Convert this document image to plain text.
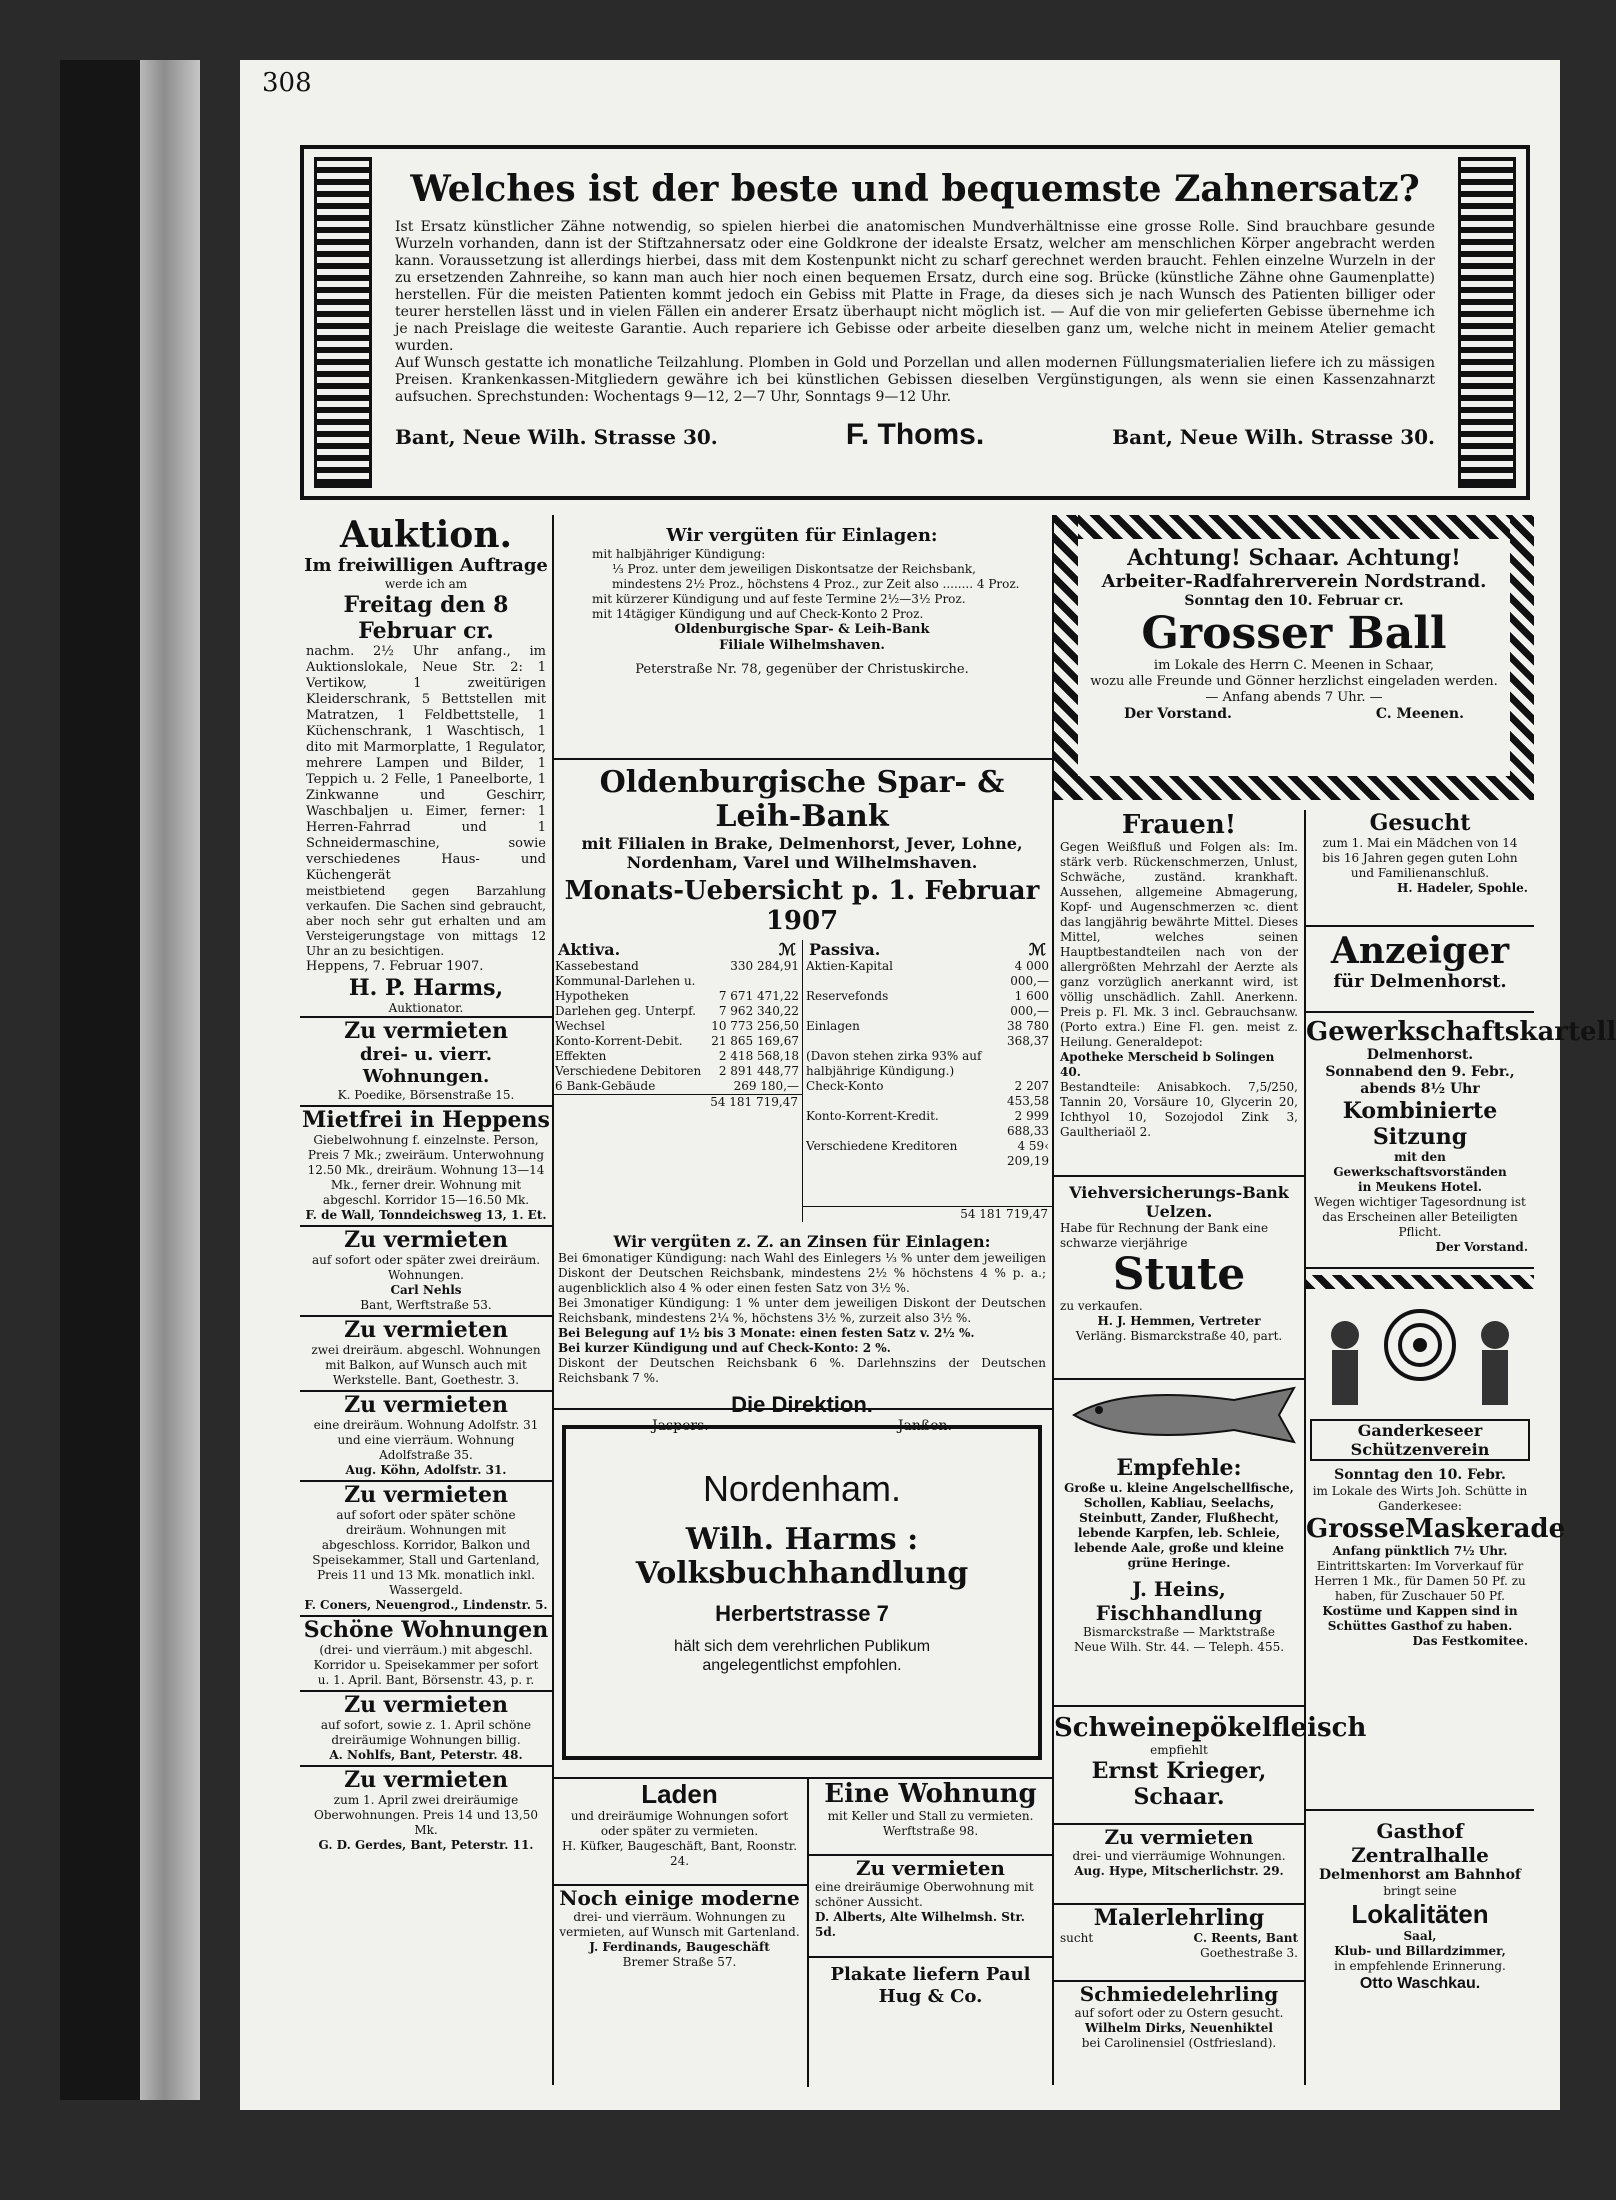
308
Welches ist der beste und bequemste Zahnersatz?

Ist Ersatz künstlicher Zähne notwendig, so spielen hierbei die anatomischen Mundverhältnisse eine grosse Rolle. Sind brauchbare gesunde Wurzeln vorhanden, dann ist der Stiftzahnersatz oder eine Goldkrone der idealste Ersatz, welcher am menschlichen Körper angebracht werden kann. Voraussetzung ist allerdings hierbei, dass mit dem Kostenpunkt nicht zu scharf gerechnet werden braucht. Fehlen einzelne Wurzeln in der zu ersetzenden Zahnreihe, so kann man auch hier noch einen bequemen Ersatz, durch eine sog. Brücke (künstliche Zähne ohne Gaumenplatte) herstellen. Für die meisten Patienten kommt jedoch ein Gebiss mit Platte in Frage, da dieses sich je nach Wunsch des Patienten billiger oder teurer herstellen lässt und in vielen Fällen ein anderer Ersatz überhaupt nicht möglich ist. — Auf die von mir gelieferten Gebisse übernehme ich je nach Preislage die weiteste Garantie. Auch repariere ich Gebisse oder arbeite dieselben ganz um, welche nicht in meinem Atelier gemacht wurden.

Auf Wunsch gestatte ich monatliche Teilzahlung. Plomben in Gold und Porzellan und allen modernen Füllungsmaterialien liefere ich zu mässigen Preisen. Krankenkassen-Mitgliedern gewähre ich bei künstlichen Gebissen dieselben Vergünstigungen, als wenn sie einen Kassenzahnarzt aufsuchen. Sprechstunden: Wochentags 9—12, 2—7 Uhr, Sonntags 9—12 Uhr.

Bant, Neue Wilh. Strasse 30.	F. Thoms.	Bant, Neue Wilh. Strasse 30.
Auktion.
Im freiwilligen Auftrage
werde ich am
Freitag den 8 Februar cr.

nachm. 2½ Uhr anfang., im Auktionslokale, Neue Str. 2: 1 Vertikow, 1 zweitürigen Kleiderschrank, 5 Bettstellen mit Matratzen, 1 Feldbettstelle, 1 Küchenschrank, 1 Waschtisch, 1 dito mit Marmorplatte, 1 Regulator, mehrere Lampen und Bilder, 1 Teppich u. 2 Felle, 1 Paneelborte, 1 Zinkwanne und Geschirr, Waschbaljen u. Eimer, ferner: 1 Herren-Fahrrad und 1 Schneidermaschine, sowie verschiedenes Haus- und Küchengerät

meistbietend gegen Barzahlung verkaufen. Die Sachen sind gebraucht, aber noch sehr gut erhalten und am Versteigerungstage von mittags 12 Uhr an zu besichtigen.

Heppens, 7. Februar 1907.
H. P. Harms,
Auktionator.
Zu vermieten
drei- u. vierr. Wohnungen.
K. Poedike, Börsenstraße 15.
Mietfrei in Heppens
Giebelwohnung f. einzelnste. Person, Preis 7 Mk.; zweiräum. Unterwohnung 12.50 Mk., dreiräum. Wohnung 13—14 Mk., ferner dreir. Wohnung mit abgeschl. Korridor 15—16.50 Mk.
F. de Wall, Tonndeichsweg 13, 1. Et.
Zu vermieten
auf sofort oder später zwei dreiräum. Wohnungen.
Carl Nehls
Bant, Werftstraße 53.
Zu vermieten
zwei dreiräum. abgeschl. Wohnungen mit Balkon, auf Wunsch auch mit Werkstelle. Bant, Goethestr. 3.
Zu vermieten
eine dreiräum. Wohnung Adolfstr. 31 und eine vierräum. Wohnung Adolfstraße 35.
Aug. Köhn, Adolfstr. 31.
Zu vermieten
auf sofort oder später schöne dreiräum. Wohnungen mit abgeschloss. Korridor, Balkon und Speisekammer, Stall und Gartenland, Preis 11 und 13 Mk. monatlich inkl. Wassergeld.
F. Coners, Neuengrod., Lindenstr. 5.
Schöne Wohnungen
(drei- und vierräum.) mit abgeschl. Korridor u. Speisekammer per sofort u. 1. April. Bant, Börsenstr. 43, p. r.
Zu vermieten
auf sofort, sowie z. 1. April schöne dreiräumige Wohnungen billig.
A. Nohlfs, Bant, Peterstr. 48.
Zu vermieten
zum 1. April zwei dreiräumige Oberwohnungen. Preis 14 und 13,50 Mk.
G. D. Gerdes, Bant, Peterstr. 11.
Wir vergüten für Einlagen:

mit halbjähriger Kündigung:

⅓ Proz. unter dem jeweiligen Diskontsatze der Reichsbank, mindestens 2½ Proz., höchstens 4 Proz., zur Zeit also ........ 4 Proz.

mit kürzerer Kündigung und auf feste Termine 2½—3½ Proz.

mit 14tägiger Kündigung und auf Check-Konto 2 Proz.

Oldenburgische Spar- & Leih-Bank
Filiale Wilhelmshaven.
Peterstraße Nr. 78, gegenüber der Christuskirche.
Oldenburgische Spar- & Leih-Bank
mit Filialen in Brake, Delmenhorst, Jever, Lohne, Nordenham, Varel und Wilhelmshaven.
Monats-Uebersicht p. 1. Februar 1907
Aktiva.	ℳ
Kassebestand	330 284,91
Kommunal-Darlehen u.	
Hypotheken	7 671 471,22
Darlehen geg. Unterpf.	7 962 340,22
Wechsel	10 773 256,50
Konto-Korrent-Debit.	21 865 169,67
Effekten	2 418 568,18
Verschiedene Debitoren	2 891 448,77
6 Bank-Gebäude	269 180,—
54 181 719,47
Passiva.	ℳ
Aktien-Kapital	4 000 000,—
Reservefonds	1 600 000,—
Einlagen	38 780 368,37
(Davon stehen zirka 93% auf halbjährige Kündigung.)	
Check-Konto	2 207 453,58
Konto-Korrent-Kredit.	2 999 688,33
Verschiedene Kreditoren	4 59‹ 209,19
54 181 719,47
Wir vergüten z. Z. an Zinsen für Einlagen:

Bei 6monatiger Kündigung: nach Wahl des Einlegers ⅓ % unter dem jeweiligen Diskont der Deutschen Reichsbank, mindestens 2½ % höchstens 4 % p. a.; augenblicklich also 4 % oder einen festen Satz von 3½ %.

Bei 3monatiger Kündigung: 1 % unter dem jeweiligen Diskont der Deutschen Reichsbank, mindestens 2¼ %, höchstens 3½ %, zurzeit also 3½ %.

Bei Belegung auf 1½ bis 3 Monate: einen festen Satz v. 2½ %.

Bei kurzer Kündigung und auf Check-Konto: 2 %.

Diskont der Deutschen Reichsbank 6 %. Darlehnszins der Deutschen Reichsbank 7 %.

Die Direktion.
Jaspers.	Janßen.
Nordenham.
Wilh. Harms : Volksbuchhandlung
Herbertstrasse 7
hält sich dem verehrlichen Publikum
angelegentlichst empfohlen.
Laden

und dreiräumige Wohnungen sofort oder später zu vermieten.

H. Küfker, Baugeschäft, Bant, Roonstr. 24.

Noch einige moderne

drei- und vierräum. Wohnungen zu vermieten, auf Wunsch mit Gartenland.

J. Ferdinands, Baugeschäft
Bremer Straße 57.
Eine Wohnung

mit Keller und Stall zu vermieten. Werftstraße 98.

Zu vermieten

eine dreiräumige Oberwohnung mit schöner Aussicht.

D. Alberts, Alte Wilhelmsh. Str. 5d.

Plakate liefern Paul Hug & Co.
Achtung! Schaar. Achtung!
Arbeiter-Radfahrerverein Nordstrand.
Sonntag den 10. Februar cr.
Grosser Ball
im Lokale des Herrn C. Meenen in Schaar,
wozu alle Freunde und Gönner herzlichst eingeladen werden.
— Anfang abends 7 Uhr. —
Der Vorstand.	C. Meenen.
Frauen!

Gegen Weißfluß und Folgen als: Im. stärk verb. Rückenschmerzen, Unlust, Schwäche, zuständ. krankhaft. Aussehen, allgemeine Abmagerung, Kopf- und Augenschmerzen ꝛc. dient das langjährig bewährte Mittel. Dieses Mittel, welches seinen Hauptbestandteilen nach von der allergrößten Mehrzahl der Aerzte als ganz vorzüglich anerkannt wird, ist völlig unschädlich. Zahll. Anerkenn. Preis p. Fl. Mk. 3 incl. Gebrauchsanw. (Porto extra.) Eine Fl. gen. meist z. Heilung. Generaldepot:

Apotheke Merscheid b Solingen 40.

Bestandteile: Anisabkoch. 7,5/250, Tannin 20, Vorsäure 10, Glycerin 20, Ichthyol 10, Sozojodol Zink 3, Gaultheriaöl 2.

Viehversicherungs-Bank Uelzen.

Habe für Rechnung der Bank eine schwarze vierjährige

Stute
zu verkaufen.
H. J. Hemmen, Vertreter
Verläng. Bismarckstraße 40, part.
Empfehle:

Große u. kleine Angelschellfische, Schollen, Kabliau, Seelachs, Steinbutt, Zander, Flußhecht, lebende Karpfen, leb. Schleie, lebende Aale, große und kleine grüne Heringe.

J. Heins, Fischhandlung
Bismarckstraße — Marktstraße
Neue Wilh. Str. 44. — Teleph. 455.
Schweinepökelfleisch
empfiehlt
Ernst Krieger, Schaar.
Zu vermieten
drei- und vierräumige Wohnungen.
Aug. Hype, Mitscherlichstr. 29.
Malerlehrling
sucht	C. Reents, Bant
Goethestraße 3.
Schmiedelehrling
auf sofort oder zu Ostern gesucht.
Wilhelm Dirks, Neuenhiktel
bei Carolinensiel (Ostfriesland).
Gesucht

zum 1. Mai ein Mädchen von 14 bis 16 Jahren gegen guten Lohn und Familienanschluß.

H. Hadeler, Spohle.
Anzeiger
für Delmenhorst.
Gewerkschaftskartell
Delmenhorst.
Sonnabend den 9. Febr., abends 8½ Uhr
Kombinierte Sitzung
mit den Gewerkschaftsvorständen
in Meukens Hotel.

Wegen wichtiger Tagesordnung ist das Erscheinen aller Beteiligten Pflicht.

Der Vorstand.
Ganderkeseer Schützenverein
Sonntag den 10. Febr.

im Lokale des Wirts Joh. Schütte in Ganderkesee:

GrosseMaskerade
Anfang pünktlich 7½ Uhr.

Eintrittskarten: Im Vorverkauf für Herren 1 Mk., für Damen 50 Pf. zu haben, für Zuschauer 50 Pf.

Kostüme und Kappen sind in Schüttes Gasthof zu haben.

Das Festkomitee.
Gasthof Zentralhalle
Delmenhorst am Bahnhof
bringt seine
Lokalitäten
Saal,
Klub- und Billardzimmer,
in empfehlende Erinnerung.
Otto Waschkau.
